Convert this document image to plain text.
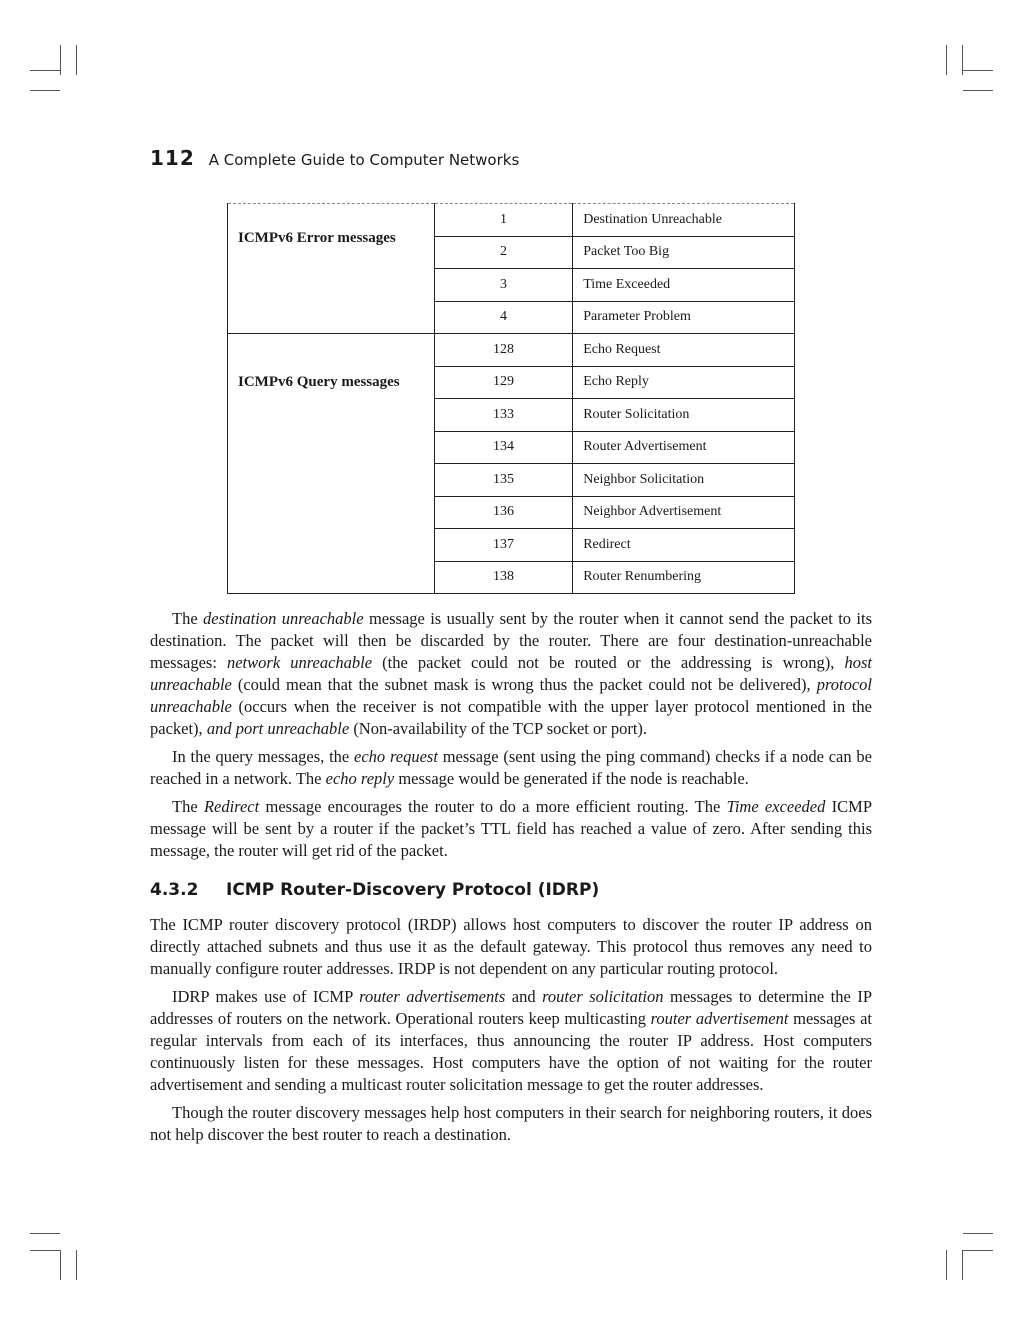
112 A Complete Guide to Computer Networks
ICMPv6 Error messages	1	Destination Unreachable
	2	Packet Too Big
	3	Time Exceeded
	4	Parameter Problem
ICMPv6 Query messages	128	Echo Request
	129	Echo Reply
	133	Router Solicitation
	134	Router Advertisement
	135	Neighbor Solicitation
	136	Neighbor Advertisement
	137	Redirect
	138	Router Renumbering

The destination unreachable message is usually sent by the router when it cannot send the packet to its destination. The packet will then be discarded by the router. There are four destination-unreachable messages: network unreachable (the packet could not be routed or the addressing is wrong), host unreachable (could mean that the subnet mask is wrong thus the packet could not be delivered), protocol unreachable (occurs when the receiver is not compatible with the upper layer protocol mentioned in the packet), and port unreachable (Non-availability of the TCP socket or port).

In the query messages, the echo request message (sent using the ping command) checks if a node can be reached in a network. The echo reply message would be generated if the node is reachable.

The Redirect message encourages the router to do a more efficient routing. The Time exceeded ICMP message will be sent by a router if the packet’s TTL field has reached a value of zero. After sending this message, the router will get rid of the packet.

4.3.2 ICMP Router-Discovery Protocol (IDRP)

The ICMP router discovery protocol (IRDP) allows host computers to discover the router IP address on directly attached subnets and thus use it as the default gateway. This protocol thus removes any need to manually configure router addresses. IRDP is not dependent on any particular routing protocol.

IDRP makes use of ICMP router advertisements and router solicitation messages to determine the IP addresses of routers on the network. Operational routers keep multicasting router advertisement messages at regular intervals from each of its interfaces, thus announcing the router IP address. Host computers continuously listen for these messages. Host computers have the option of not waiting for the router advertisement and sending a multicast router solicitation message to get the router addresses.

Though the router discovery messages help host computers in their search for neighboring routers, it does not help discover the best router to reach a destination.
